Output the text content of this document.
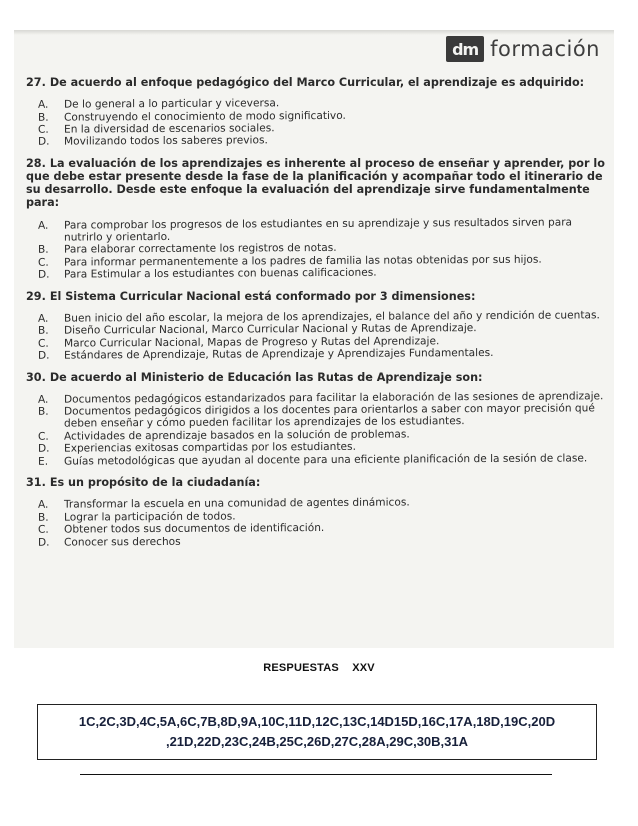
dm formación

27. De acuerdo al enfoque pedagógico del Marco Curricular, el aprendizaje es adquirido:

A.	De lo general a lo particular y viceversa.
B.	Construyendo el conocimiento de modo significativo.
C.	En la diversidad de escenarios sociales.
D.	Movilizando todos los saberes previos.

28. La evaluación de los aprendizajes es inherente al proceso de enseñar y aprender, por lo que debe estar presente desde la fase de la planificación y acompañar todo el itinerario de su desarrollo. Desde este enfoque la evaluación del aprendizaje sirve fundamentalmente para:

A.	Para comprobar los progresos de los estudiantes en su aprendizaje y sus resultados sirven para nutrirlo y orientarlo.
B.	Para elaborar correctamente los registros de notas.
C.	Para informar permanentemente a los padres de familia las notas obtenidas por sus hijos.
D.	Para Estimular a los estudiantes con buenas calificaciones.

29. El Sistema Curricular Nacional está conformado por 3 dimensiones:

A.	Buen inicio del año escolar, la mejora de los aprendizajes, el balance del año y rendición de cuentas.
B.	Diseño Curricular Nacional, Marco Curricular Nacional y Rutas de Aprendizaje.
C.	Marco Curricular Nacional, Mapas de Progreso y Rutas del Aprendizaje.
D.	Estándares de Aprendizaje, Rutas de Aprendizaje y Aprendizajes Fundamentales.

30. De acuerdo al Ministerio de Educación las Rutas de Aprendizaje son:

A.	Documentos pedagógicos estandarizados para facilitar la elaboración de las sesiones de aprendizaje.
B.	Documentos pedagógicos dirigidos a los docentes para orientarlos a saber con mayor precisión qué deben enseñar y cómo pueden facilitar los aprendizajes de los estudiantes.
C.	Actividades de aprendizaje basados en la solución de problemas.
D.	Experiencias exitosas compartidas por los estudiantes.
E.	Guías metodológicas que ayudan al docente para una eficiente planificación de la sesión de clase.

31. Es un propósito de la ciudadanía:

A.	Transformar la escuela en una comunidad de agentes dinámicos.
B.	Lograr la participación de todos.
C.	Obtener todos sus documentos de identificación.
D.	Conocer sus derechos
RESPUESTAS XXV
1C,2C,3D,4C,5A,6C,7B,8D,9A,10C,11D,12C,13C,14D15D,16C,17A,18D,19C,20D
,21D,22D,23C,24B,25C,26D,27C,28A,29C,30B,31A
